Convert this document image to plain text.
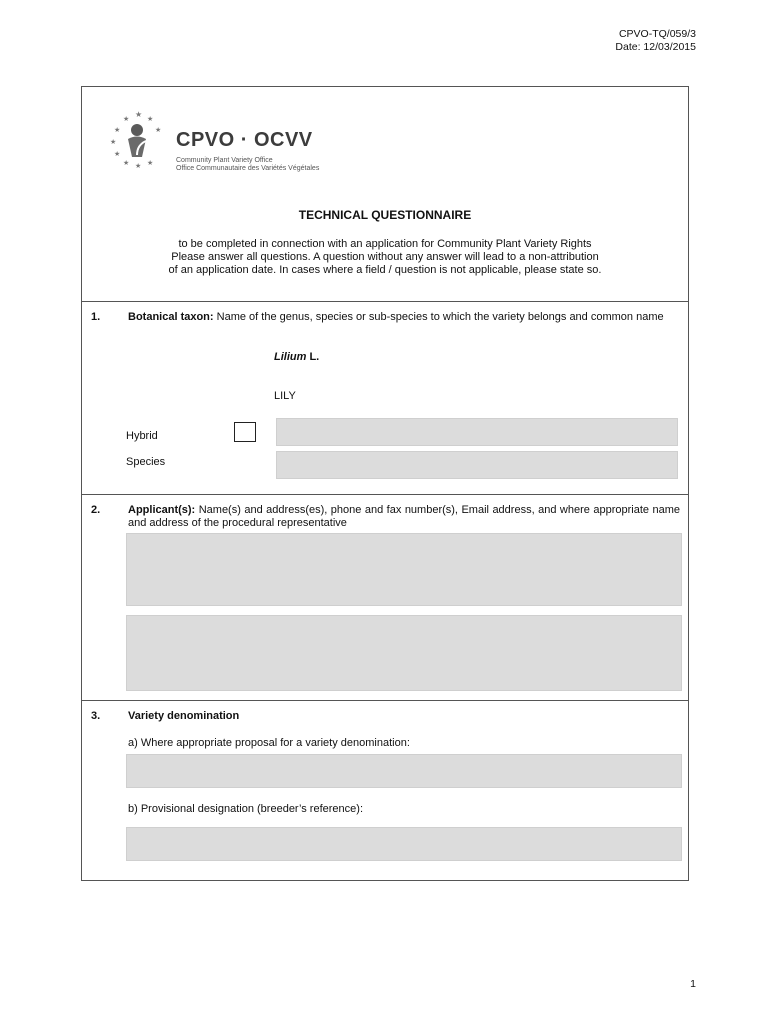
CPVO-TQ/059/3
Date: 12/03/2015
★ ★
★
★
★
★
★
★ ★ ★
CPVO · OCVV
Community Plant Variety Office
Office Communautaire des Variétés Végétales
TECHNICAL QUESTIONNAIRE
to be completed in connection with an application for Community Plant Variety Rights
Please answer all questions. A question without any answer will lead to a non-attribution
of an application date. In cases where a field / question is not applicable, please state so.
1.	Botanical taxon: Name of the genus, species or sub-species to which the variety belongs and common name
Lilium L.
LILY
Hybrid
Species
2.	Applicant(s): Name(s) and address(es), phone and fax number(s), Email address, and where appropriate name and address of the procedural representative
3.	Variety denomination
a) Where appropriate proposal for a variety denomination:
b) Provisional designation (breeder’s reference):
1
